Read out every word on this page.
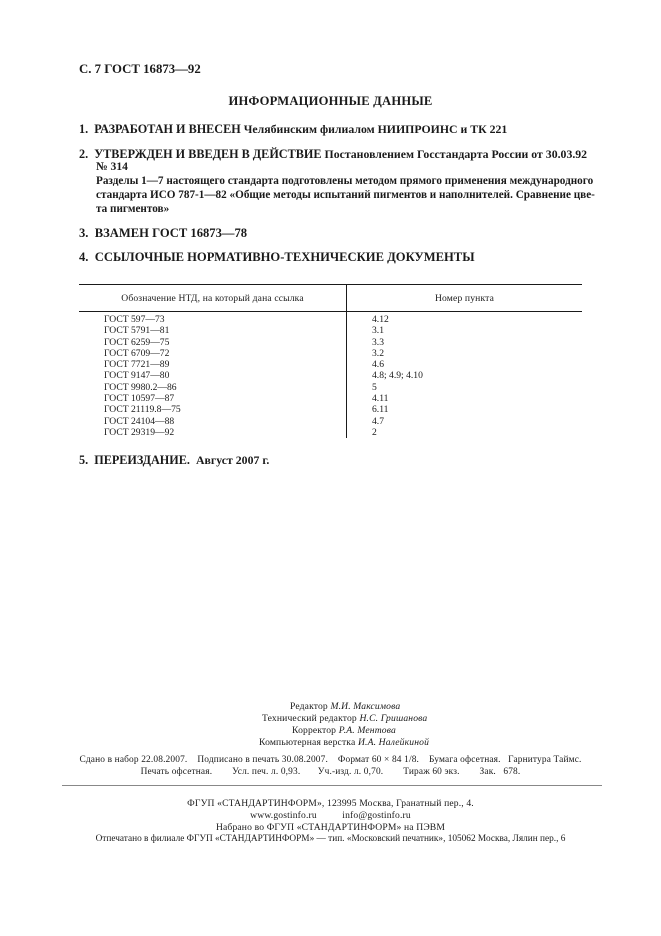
С. 7 ГОСТ 16873—92
ИНФОРМАЦИОННЫЕ ДАННЫЕ
1. РАЗРАБОТАН И ВНЕСЕН Челябинским филиалом НИИПРОИНС и ТК 221
2. УТВЕРЖДЕН И ВВЕДЕН В ДЕЙСТВИЕ Постановлением Госстандарта России от 30.03.92
№ 314
Разделы 1—7 настоящего стандарта подготовлены методом прямого применения международного
стандарта ИСО 787-1—82 «Общие методы испытаний пигментов и наполнителей. Сравнение цве-
та пигментов»
3. ВЗАМЕН ГОСТ 16873—78
4. ССЫЛОЧНЫЕ НОРМАТИВНО-ТЕХНИЧЕСКИЕ ДОКУМЕНТЫ
Обозначение НТД, на который дана ссылка	Номер пункта
ГОСТ 597—73
ГОСТ 5791—81
ГОСТ 6259—75
ГОСТ 6709—72
ГОСТ 7721—89
ГОСТ 9147—80
ГОСТ 9980.2—86
ГОСТ 10597—87
ГОСТ 21119.8—75
ГОСТ 24104—88
ГОСТ 29319—92
4.12
3.1
3.3
3.2
4.6
4.8; 4.9; 4.10
5
4.11
6.11
4.7
2
5. ПЕРЕИЗДАНИЕ. Август 2007 г.
Редактор М.И. Максимова
Технический редактор Н.С. Гришанова
Корректор Р.А. Ментова
Компьютерная верстка И.А. Налейкиной
Сдано в набор 22.08.2007.    Подписано в печать 30.08.2007.    Формат 60 × 84 1/8.    Бумага офсетная.   Гарнитура Таймс.
Печать офсетная.        Усл. печ. л. 0,93.       Уч.-изд. л. 0,70.        Тираж 60 экз.        Зак.   678.
ФГУП «СТАНДАРТИНФОРМ», 123995 Москва, Гранатный пер., 4.
www.gostinfo.ru          info@gostinfo.ru
Набрано во ФГУП «СТАНДАРТИНФОРМ» на ПЭВМ
Отпечатано в филиале ФГУП «СТАНДАРТИНФОРМ» — тип. «Московский печатник», 105062 Москва, Лялин пер., 6
